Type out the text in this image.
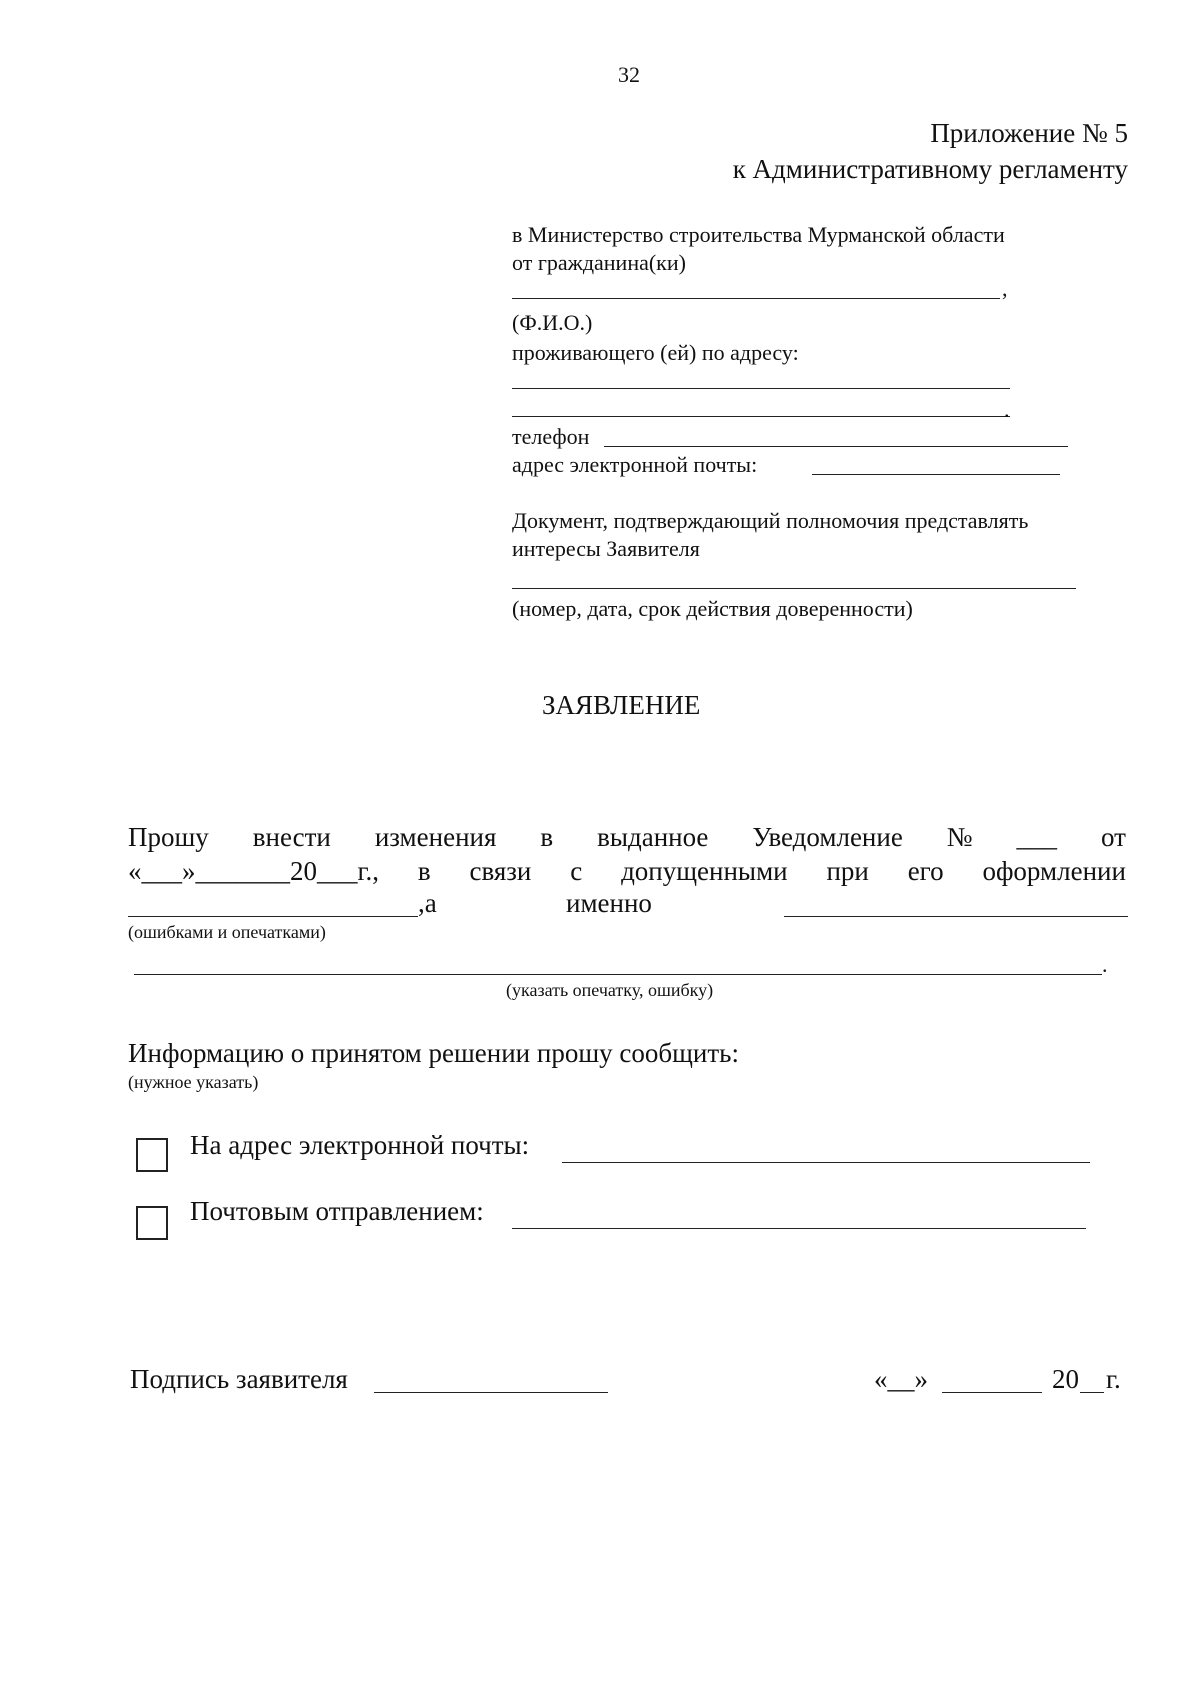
32
Приложение № 5
к Административному регламенту
в Министерство строительства Мурманской области
от гражданина(ки)
,
(Ф.И.О.)
проживающего (ей) по адресу:
.
телефон
адрес электронной почты:
Документ, подтверждающий полномочия представлять
интересы Заявителя
(номер, дата, срок действия доверенности)
ЗАЯВЛЕНИЕ
Прошу внести изменения в выданное Уведомление № ___ от
«___»_______20___г., в связи с допущенными при его оформлении
,а	именно
(ошибками и опечатками)
.
(указать опечатку, ошибку)
Информацию о принятом решении прошу сообщить:
(нужное указать)
На адрес электронной почты:
Почтовым отправлением:
Подпись заявителя	«__»	20 г.
